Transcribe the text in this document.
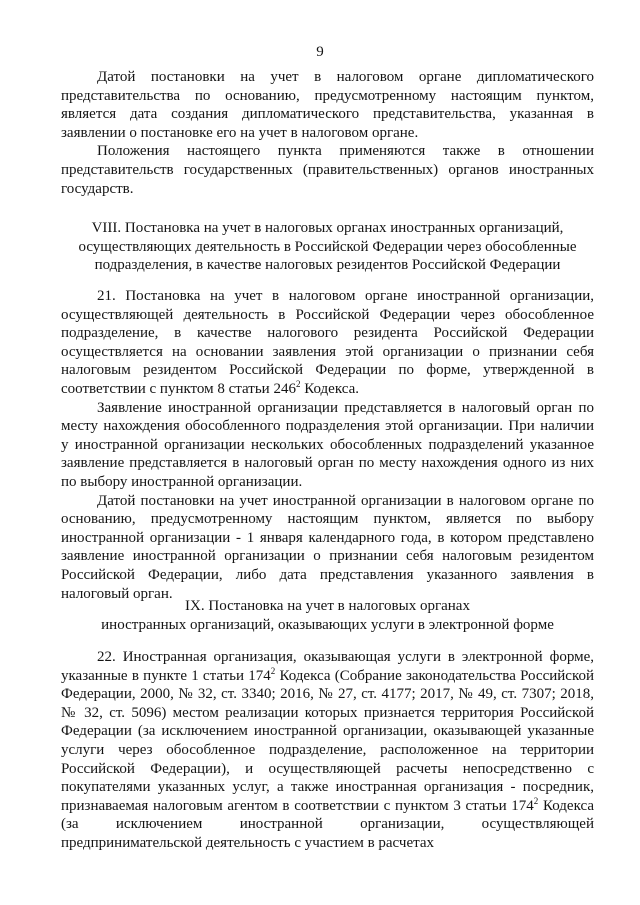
9

Датой постановки на учет в налоговом органе дипломатического представительства по основанию, предусмотренному настоящим пунктом, является дата создания дипломатического представительства, указанная в заявлении о постановке его на учет в налоговом органе.

Положения настоящего пункта применяются также в отношении представительств государственных (правительственных) органов иностранных государств.

VIII. Постановка на учет в налоговых органах иностранных организаций,
осуществляющих деятельность в Российской Федерации через обособленные
подразделения, в качестве налоговых резидентов Российской Федерации

21. Постановка на учет в налоговом органе иностранной организации, осуществляющей деятельность в Российской Федерации через обособленное подразделение, в качестве налогового резидента Российской Федерации осуществляется на основании заявления этой организации о признании себя налоговым резидентом Российской Федерации по форме, утвержденной в соответствии с пунктом 8 статьи $246^2$ Кодекса.

Заявление иностранной организации представляется в налоговый орган по месту нахождения обособленного подразделения этой организации. При наличии у иностранной организации нескольких обособленных подразделений указанное заявление представляется в налоговый орган по месту нахождения одного из них по выбору иностранной организации.

Датой постановки на учет иностранной организации в налоговом органе по основанию, предусмотренному настоящим пунктом, является по выбору иностранной организации - 1 января календарного года, в котором представлено заявление иностранной организации о признании себя налоговым резидентом Российской Федерации, либо дата представления указанного заявления в налоговый орган.

IX. Постановка на учет в налоговых органах
иностранных организаций, оказывающих услуги в электронной форме

22. Иностранная организация, оказывающая услуги в электронной форме, указанные в пункте 1 статьи $174^2$ Кодекса (Собрание законодательства Российской Федерации, 2000, № 32, ст. 3340; 2016, № 27, ст. 4177; 2017, № 49, ст. 7307; 2018, № 32, ст. 5096) местом реализации которых признается территория Российской Федерации (за исключением иностранной организации, оказывающей указанные услуги через обособленное подразделение, расположенное на территории Российской Федерации), и осуществляющей расчеты непосредственно с покупателями указанных услуг, а также иностранная организация - посредник, признаваемая налоговым агентом в соответствии с пунктом 3 статьи $174^2$ Кодекса (за исключением иностранной организации, осуществляющей предпринимательской деятельность с участием в расчетах
